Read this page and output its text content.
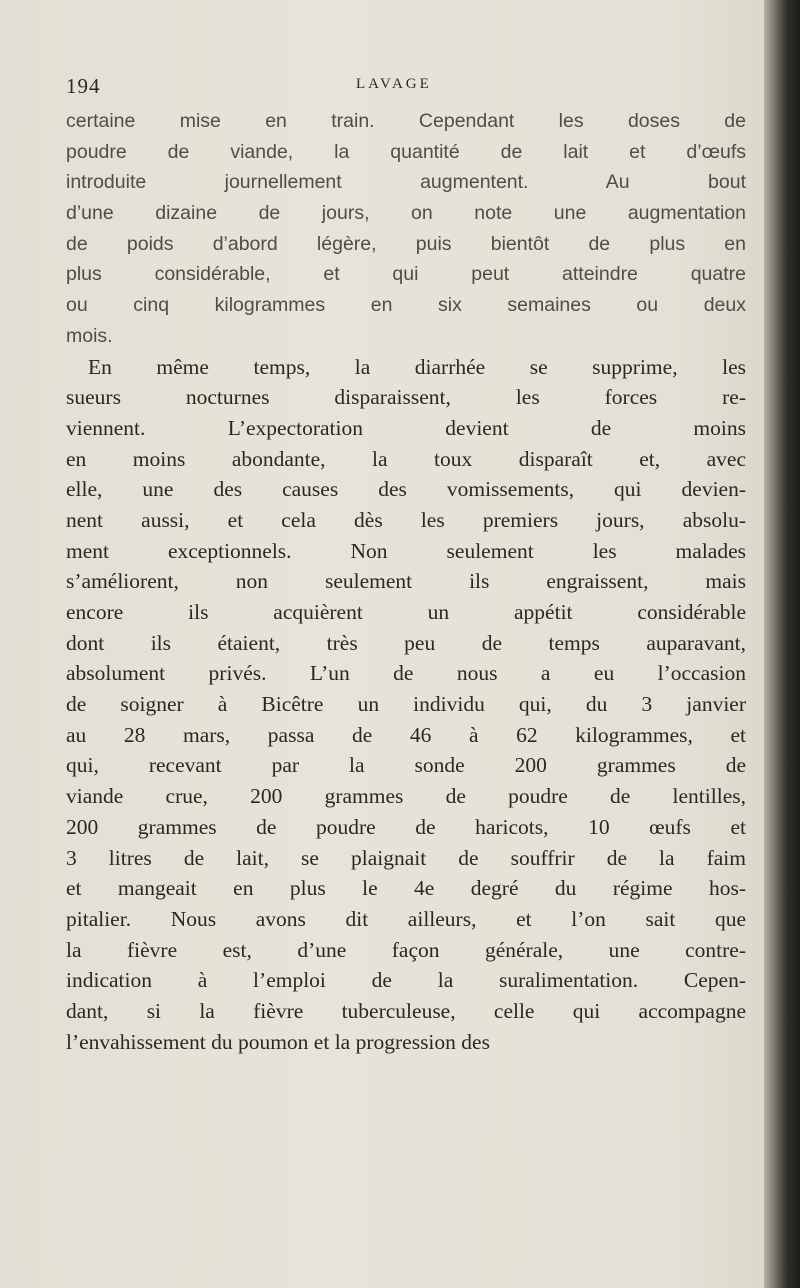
194	LAVAGE
certaine mise en train. Cependant les doses de
poudre de viande, la quantité de lait et d’œufs
introduite journellement augmentent. Au bout
d’une dizaine de jours, on note une augmentation
de poids d’abord légère, puis bientôt de plus en
plus considérable, et qui peut atteindre quatre
ou cinq kilogrammes en six semaines ou deux
mois.
En même temps, la diarrhée se supprime, les
sueurs nocturnes disparaissent, les forces re-
viennent. L’expectoration devient de moins
en moins abondante, la toux disparaît et, avec
elle, une des causes des vomissements, qui devien-
nent aussi, et cela dès les premiers jours, absolu-
ment exceptionnels. Non seulement les malades
s’améliorent, non seulement ils engraissent, mais
encore ils acquièrent un appétit considérable
dont ils étaient, très peu de temps auparavant,
absolument privés. L’un de nous a eu l’occasion
de soigner à Bicêtre un individu qui, du 3 janvier
au 28 mars, passa de 46 à 62 kilogrammes, et
qui, recevant par la sonde 200 grammes de
viande crue, 200 grammes de poudre de lentilles,
200 grammes de poudre de haricots, 10 œufs et
3 litres de lait, se plaignait de souffrir de la faim
et mangeait en plus le 4e degré du régime hos-
pitalier. Nous avons dit ailleurs, et l’on sait que
la fièvre est, d’une façon générale, une contre-
indication à l’emploi de la suralimentation. Cepen-
dant, si la fièvre tuberculeuse, celle qui accompagne
l’envahissement du poumon et la progression des
